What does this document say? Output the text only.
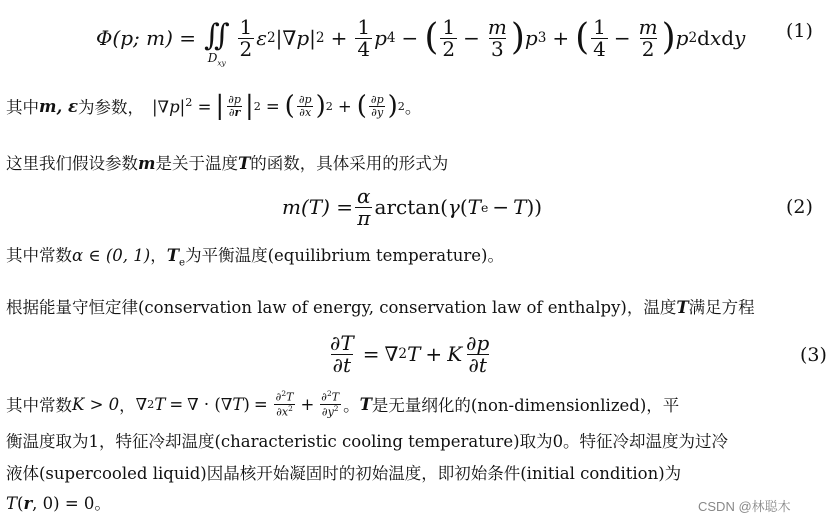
Φ(p; m) = ∬
$D_{xy}$
$\frac{1}{2}$ ε 2 |∇ p | $2 + \frac{1}{4}$ p 4 − ( $\frac{1}{2} - \frac{m}{3}$ ) p 3 + ( $\frac{1}{4} - \frac{m}{2}$ ) p 2 d x d y (1)
其中 m, ε 为参数， $|\nabla p|^2$ = | $\frac{\partial p}{\partial r}$ | 2 = ( $\frac{\partial p}{\partial x}$ ) 2 + ( $\frac{\partial p}{\partial y}$ ) 2 。
这里我们假设参数m是关于温度T的函数，具体采用的形式为
$m(T) = \frac{\alpha}{\pi}$ arctan ( γ ( T e − T ))	(2)
其中常数α ∈ (0, 1)，$T_e$为平衡温度(equilibrium temperature)。
根据能量守恒定律(conservation law of energy, conservation law of enthalpy)，温度T满足方程
$\frac{\partial T}{\partial t}$ = ∇ 2 T + K $\frac{\partial p}{\partial t}$	(3)
其中常数 K > 0 ， ∇ 2 T = ∇ · (∇ T ) = $\frac{\partial^2T}{\partial x^2} + \frac{\partial^2T}{\partial y^2}$ 。 T 是无量纲化的(non-dimensionlized)，平
衡温度取为1，特征冷却温度(characteristic cooling temperature)取为0。特征冷却温度为过冷
液体(supercooled liquid)因晶核开始凝固时的初始温度，即初始条件(initial condition)为
T(r, 0) = 0。	CSDN @林聪木
